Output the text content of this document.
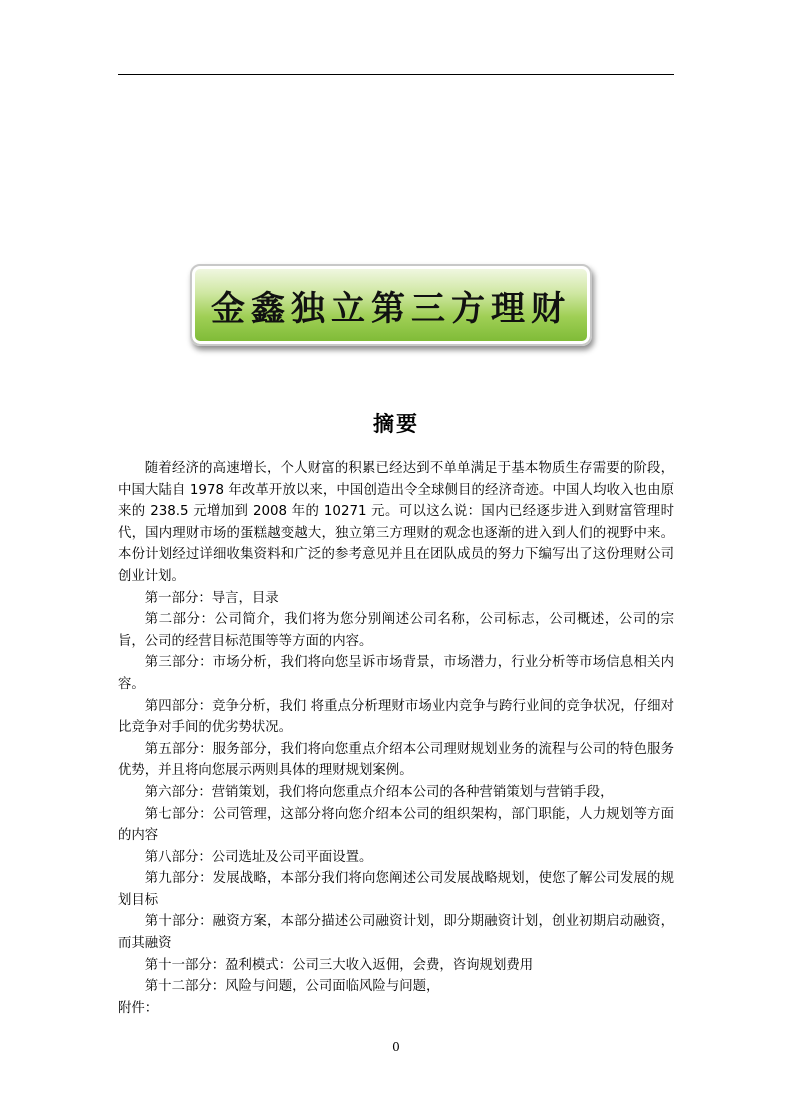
金鑫独立第三方理财
摘要

随着经济的高速增长，个人财富的积累已经达到不单单满足于基本物质生存需要的阶段，中国大陆自 1978 年改革开放以来，中国创造出令全球侧目的经济奇迹。中国人均收入也由原来的 238.5 元增加到 2008 年的 10271 元。可以这么说：国内已经逐步进入到财富管理时代，国内理财市场的蛋糕越变越大，独立第三方理财的观念也逐渐的进入到人们的视野中来。本份计划经过详细收集资料和广泛的参考意见并且在团队成员的努力下编写出了这份理财公司创业计划。

第一部分：导言，目录

第二部分：公司简介，我们将为您分别阐述公司名称，公司标志，公司概述，公司的宗旨，公司的经营目标范围等等方面的内容。

第三部分：市场分析，我们将向您呈诉市场背景，市场潜力，行业分析等市场信息相关内容。

第四部分：竞争分析，我们 将重点分析理财市场业内竞争与跨行业间的竞争状况，仔细对比竞争对手间的优劣势状况。

第五部分：服务部分，我们将向您重点介绍本公司理财规划业务的流程与公司的特色服务优势，并且将向您展示两则具体的理财规划案例。

第六部分：营销策划，我们将向您重点介绍本公司的各种营销策划与营销手段，

第七部分：公司管理，这部分将向您介绍本公司的组织架构，部门职能，人力规划等方面的内容

第八部分：公司选址及公司平面设置。

第九部分：发展战略，本部分我们将向您阐述公司发展战略规划，使您了解公司发展的规划目标

第十部分：融资方案，本部分描述公司融资计划，即分期融资计划，创业初期启动融资，而其融资

第十一部分：盈利模式：公司三大收入返佣，会费，咨询规划费用

第十二部分：风险与问题，公司面临风险与问题，

附件：

0
